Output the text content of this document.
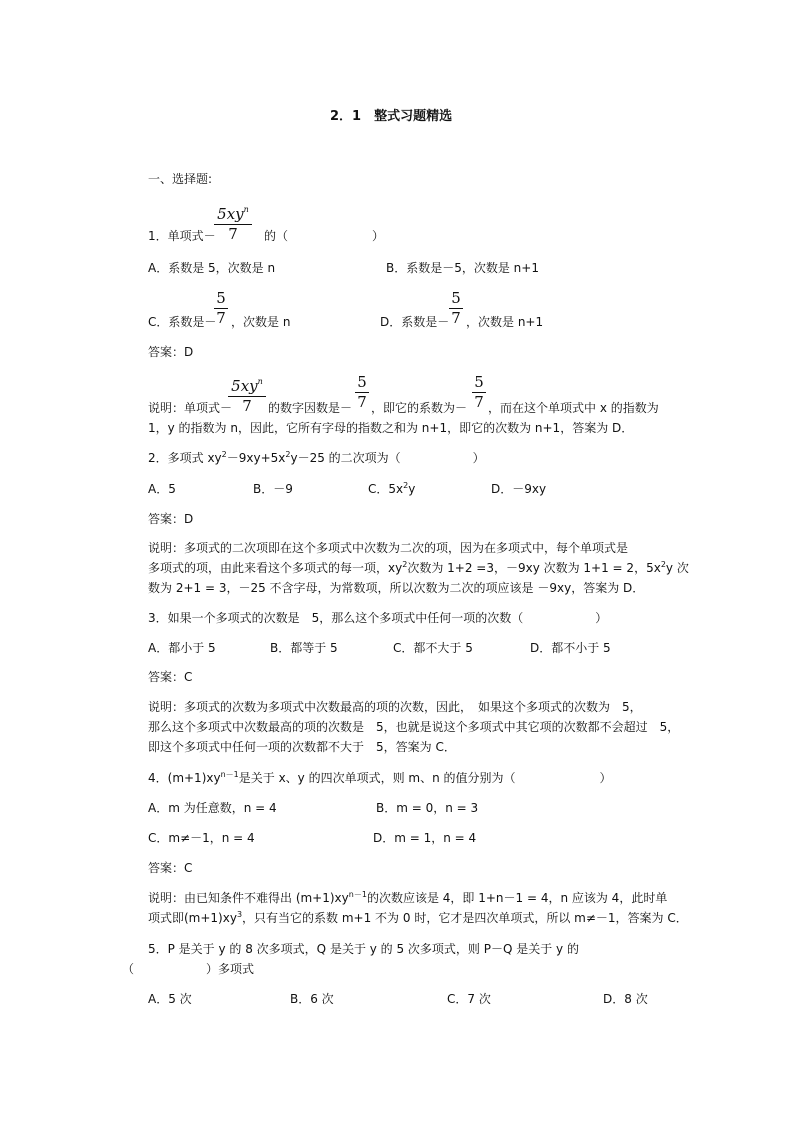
2．1　整式习题精选
一、选择题:
$5xy^n$
7
1．单项式－	的（　　　　　　　）
A．系数是 5，次数是 n	B．系数是－5，次数是 n+1
5
7
C．系数是－ ，次数是 n
5
7
D．系数是－ ，次数是 n+1
答案：D
$5xy^n$
7
5
7
5
7
说明：单项式－	的数字因数是－ ，即它的系数为－ ，而在这个单项式中 x 的指数为
1，y 的指数为 n，因此，它所有字母的指数之和为 n+1，即它的次数为 n+1，答案为 D．
2．多项式 $xy^2-9xy+5x^2y-25$ 的二次项为（　　　　　　）
A．5	B．－9	C．$5x^2y$	D．－9xy
答案：D
说明：多项式的二次项即在这个多项式中次数为二次的项，因为在多项式中，每个单项式是
多项式的项，由此来看这个多项式的每一项，$xy^2$次数为 1+2 =3，－9xy 次数为 1+1 = 2，$5x^2y$ 次
数为 2+1 = 3，－25 不含字母，为常数项，所以次数为二次的项应该是 －9xy，答案为 D．
3．如果一个多项式的次数是　5，那么这个多项式中任何一项的次数（　　　　　　）
A．都小于 5	B．都等于 5	C．都不大于 5	D．都不小于 5
答案：C
说明：多项式的次数为多项式中次数最高的项的次数，因此，　如果这个多项式的次数为　5，
那么这个多项式中次数最高的项的次数是　5，也就是说这个多项式中其它项的次数都不会超过　5，
即这个多项式中任何一项的次数都不大于　5，答案为 C．
4．$(m+1)xy^{n-1}$是关于 x、y 的四次单项式，则 m、n 的值分别为（　　　　　　　）
A．m 为任意数，n = 4	B．m = 0，n = 3
C．m≠－1，n = 4	D．m = 1，n = 4
答案：C
说明：由已知条件不难得出 $(m+1)xy^{n-1}$的次数应该是 4，即 1+n－1 = 4，n 应该为 4，此时单
项式即$(m+1)xy^3$，只有当它的系数 m+1 不为 0 时，它才是四次单项式，所以 m≠－1，答案为 C．
5．P 是关于 y 的 8 次多项式，Q 是关于 y 的 5 次多项式，则 P－Q 是关于 y 的
（　　　　　　）多项式
A．5 次	B．6 次	C．7 次	D．8 次
